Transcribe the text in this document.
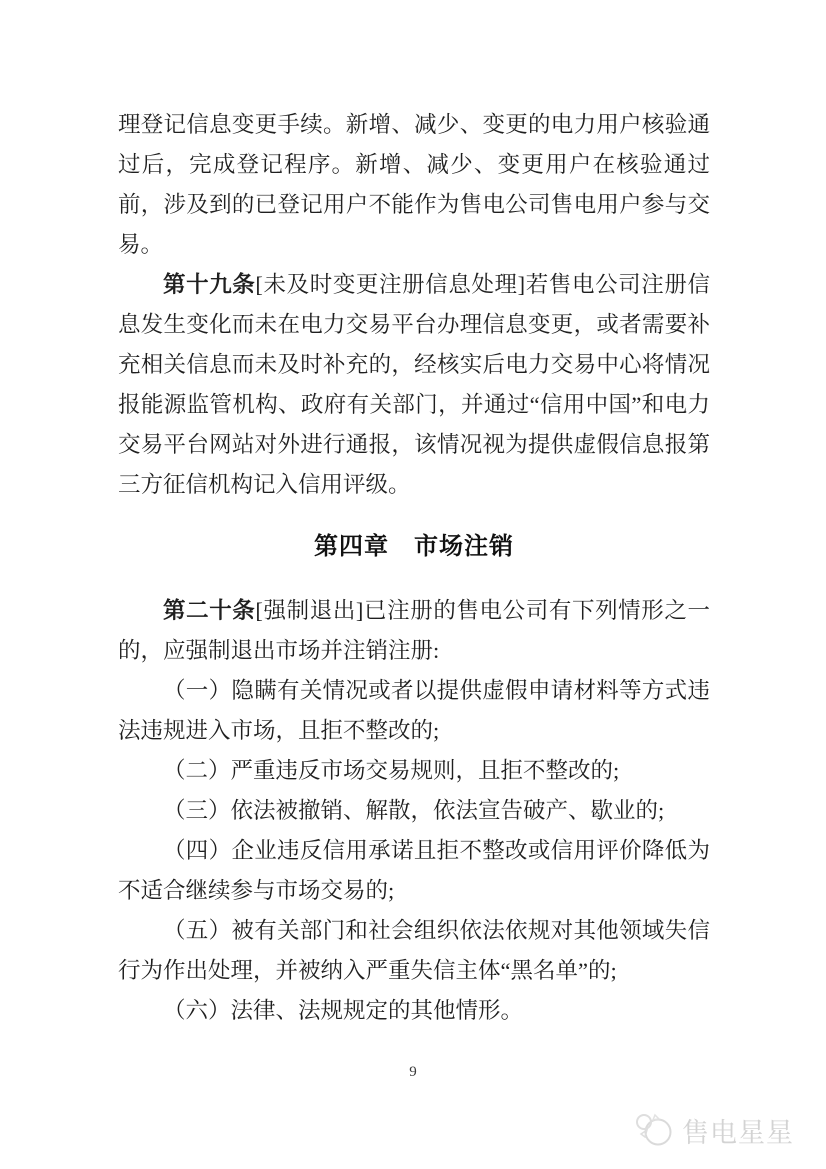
理登记信息变更手续。新增、减少、变更的电力用户核验通过后，完成登记程序。新增、减少、变更用户在核验通过前，涉及到的已登记用户不能作为售电公司售电用户参与交易。

第十九条[未及时变更注册信息处理]若售电公司注册信息发生变化而未在电力交易平台办理信息变更，或者需要补充相关信息而未及时补充的，经核实后电力交易中心将情况报能源监管机构、政府有关部门，并通过“信用中国”和电力交易平台网站对外进行通报，该情况视为提供虚假信息报第三方征信机构记入信用评级。

第四章　市场注销

第二十条[强制退出]已注册的售电公司有下列情形之一的，应强制退出市场并注销注册:

（一）隐瞒有关情况或者以提供虚假申请材料等方式违法违规进入市场，且拒不整改的;

（二）严重违反市场交易规则，且拒不整改的;

（三）依法被撤销、解散，依法宣告破产、歇业的;

（四）企业违反信用承诺且拒不整改或信用评价降低为不适合继续参与市场交易的;

（五）被有关部门和社会组织依法依规对其他领域失信行为作出处理，并被纳入严重失信主体“黑名单”的;

（六）法律、法规规定的其他情形。

9
售电星星
